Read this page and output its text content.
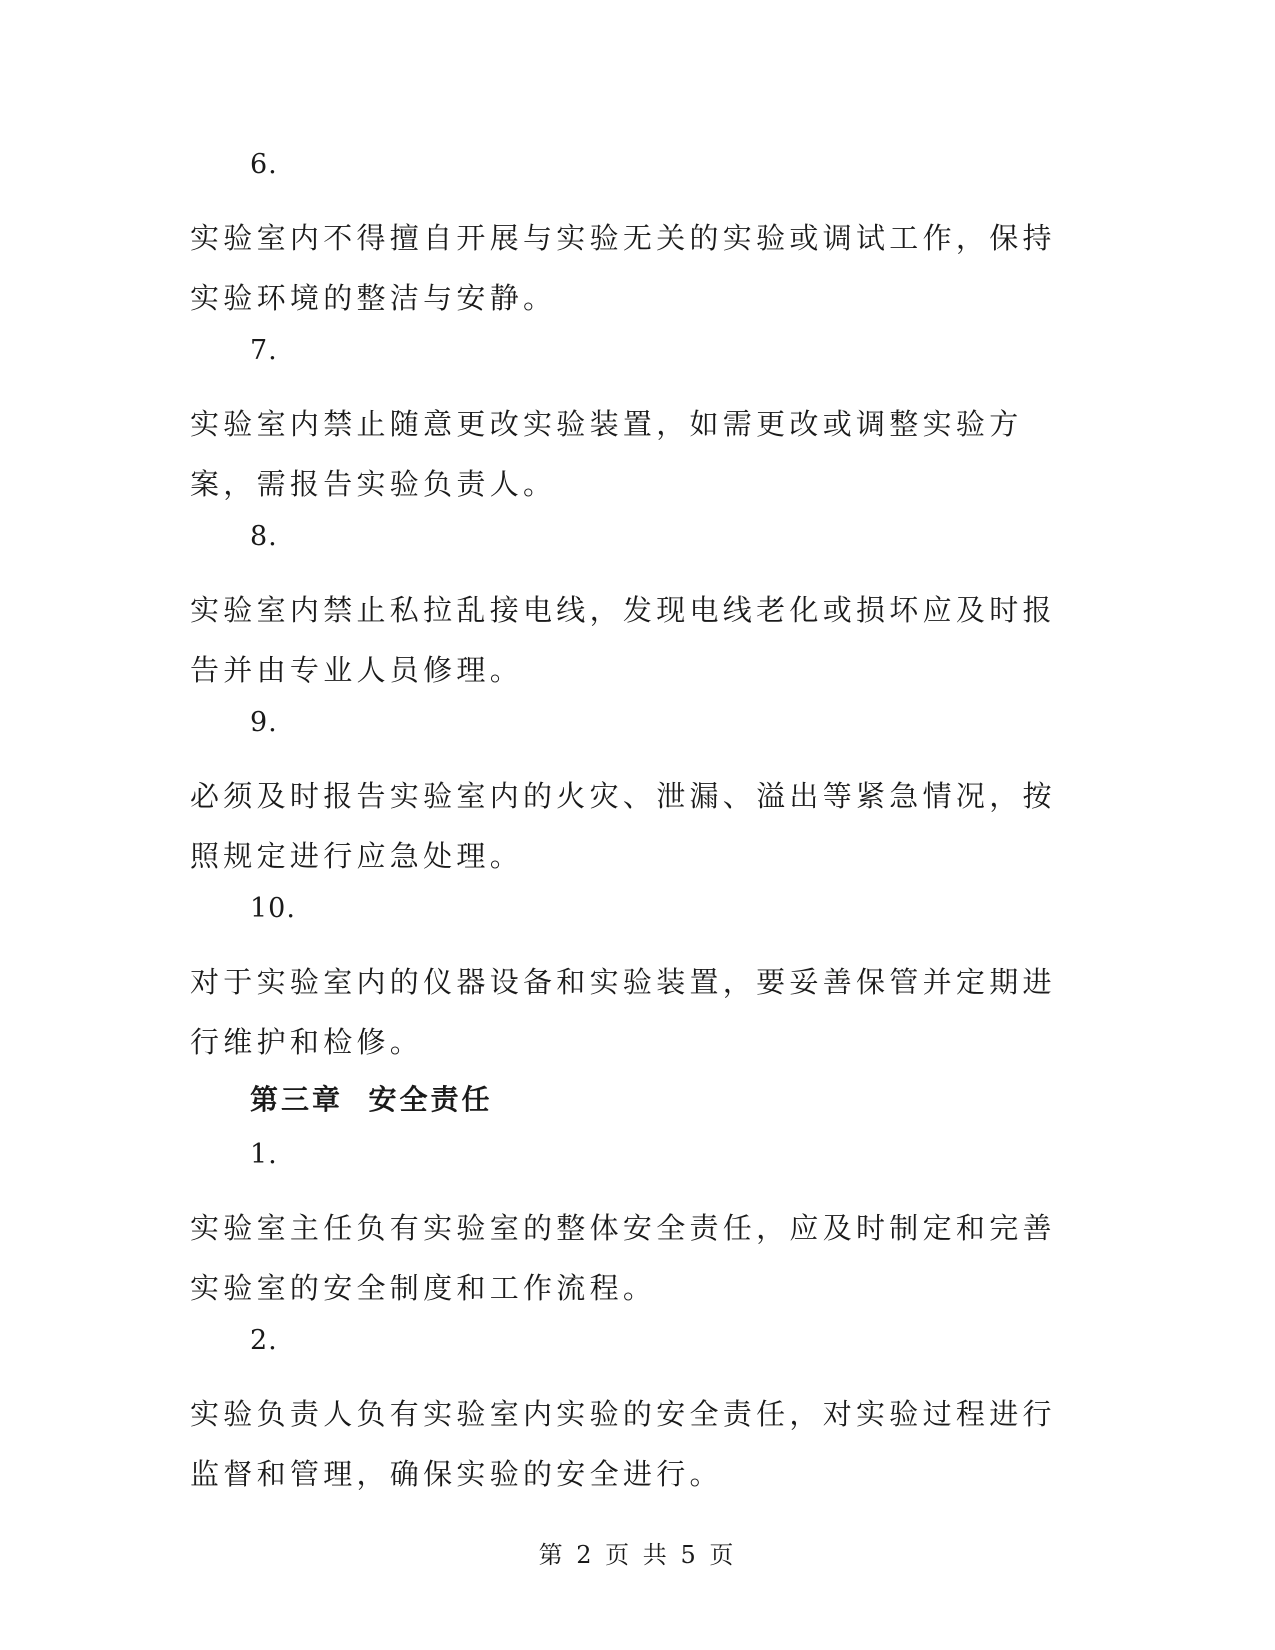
6.
实验室内不得擅自开展与实验无关的实验或调试工作，保持实验环境的整洁与安静。
7.
实验室内禁止随意更改实验装置，如需更改或调整实验方案，需报告实验负责人。
8.
实验室内禁止私拉乱接电线，发现电线老化或损坏应及时报告并由专业人员修理。
9.
必须及时报告实验室内的火灾、泄漏、溢出等紧急情况，按照规定进行应急处理。
10.
对于实验室内的仪器设备和实验装置，要妥善保管并定期进行维护和检修。
第三章  安全责任
1.
实验室主任负有实验室的整体安全责任，应及时制定和完善实验室的安全制度和工作流程。
2.
实验负责人负有实验室内实验的安全责任，对实验过程进行监督和管理，确保实验的安全进行。
第 2 页 共 5 页
